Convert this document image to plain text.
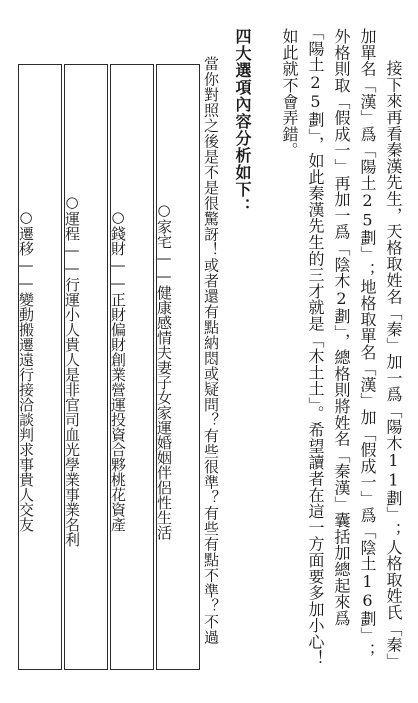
接下來再看秦漢先生，天格取姓名「秦」加一爲「陽木11劃」；人格取姓氏「秦」
加單名「漢」爲「陽土25劃」；地格取單名「漢」加「假成一」爲「陰土16劃」；
外格則取「假成一」再加一爲「陰木2劃」，總格則將姓名「秦漢」囊括加總起來爲
「陽土25劃」，如此秦漢先生的三才就是「木土土」。希望讀者在這一方面要多加小心！
如此就不會弄錯。
四大選項內容分析如下：
當你對照之後是不是很驚訝！或者還有點納悶或疑問？有些很準？有些有點不準？不過
○家宅——健康感情夫妻子女家運婚姻伴侶性生活
○錢財——正財偏財創業營運投資合夥桃花資產
○運程——行運小人貴人是非官司血光學業事業名利
○遷移——變動搬遷遠行接洽談判求事貴人交友
